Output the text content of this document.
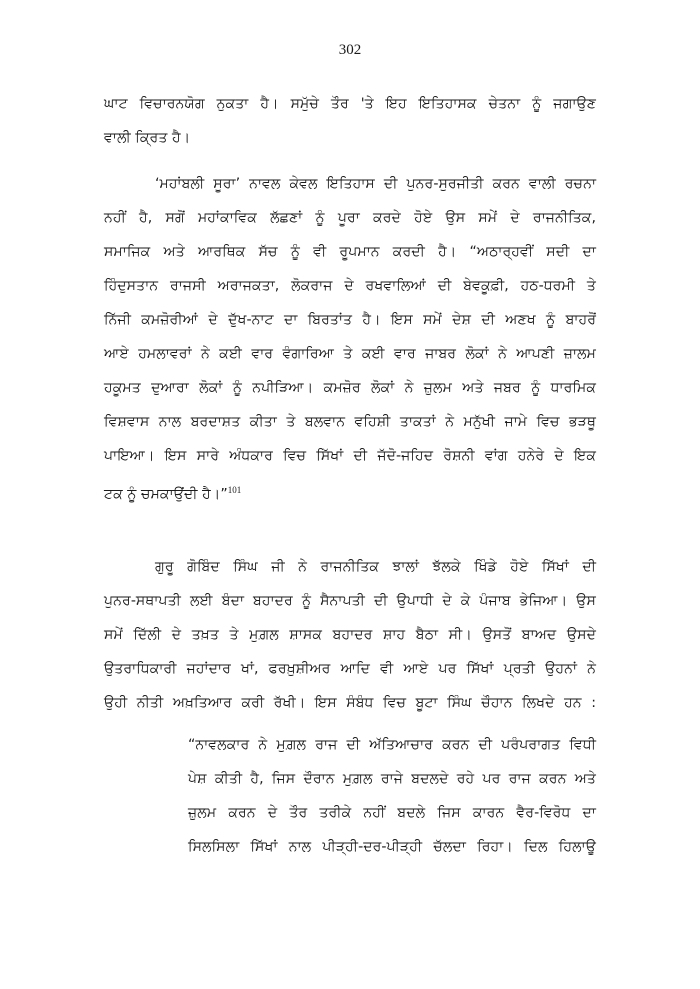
302
ਘਾਟ ਵਿਚਾਰਨਯੋਗ ਨੁਕਤਾ ਹੈ। ਸਮੁੱਚੇ ਤੌਰ 'ਤੇ ਇਹ ਇਤਿਹਾਸਕ ਚੇਤਨਾ ਨੂੰ ਜਗਾਉਣ
ਵਾਲੀ ਕ੍ਰਿਤ ਹੈ।
‘ਮਹਾਂਬਲੀ ਸੂਰਾ’ ਨਾਵਲ ਕੇਵਲ ਇਤਿਹਾਸ ਦੀ ਪੁਨਰ-ਸੁਰਜੀਤੀ ਕਰਨ ਵਾਲੀ ਰਚਨਾ
ਨਹੀਂ ਹੈ, ਸਗੋਂ ਮਹਾਂਕਾਵਿਕ ਲੱਛਣਾਂ ਨੂੰ ਪੂਰਾ ਕਰਦੇ ਹੋਏ ਉਸ ਸਮੇਂ ਦੇ ਰਾਜਨੀਤਿਕ,
ਸਮਾਜਿਕ ਅਤੇ ਆਰਥਿਕ ਸੱਚ ਨੂੰ ਵੀ ਰੂਪਮਾਨ ਕਰਦੀ ਹੈ। “ਅਠਾਰ੍ਹਵੀਂ ਸਦੀ ਦਾ
ਹਿੰਦੁਸਤਾਨ ਰਾਜਸੀ ਅਰਾਜਕਤਾ, ਲੋਕਰਾਜ ਦੇ ਰਖਵਾਲਿਆਂ ਦੀ ਬੇਵਕੂਫ਼ੀ, ਹਠ-ਧਰਮੀ ਤੇ
ਨਿੱਜੀ ਕਮਜ਼ੋਰੀਆਂ ਦੇ ਦੁੱਖ-ਨਾਟ ਦਾ ਬਿਰਤਾਂਤ ਹੈ। ਇਸ ਸਮੇਂ ਦੇਸ਼ ਦੀ ਅਣਖ ਨੂੰ ਬਾਹਰੋਂ
ਆਏ ਹਮਲਾਵਰਾਂ ਨੇ ਕਈ ਵਾਰ ਵੰਗਾਰਿਆ ਤੇ ਕਈ ਵਾਰ ਜਾਬਰ ਲੋਕਾਂ ਨੇ ਆਪਣੀ ਜ਼ਾਲਮ
ਹਕੂਮਤ ਦੁਆਰਾ ਲੋਕਾਂ ਨੂੰ ਨਪੀੜਿਆ। ਕਮਜ਼ੋਰ ਲੋਕਾਂ ਨੇ ਜ਼ੁਲਮ ਅਤੇ ਜਬਰ ਨੂੰ ਧਾਰਮਿਕ
ਵਿਸ਼ਵਾਸ ਨਾਲ ਬਰਦਾਸ਼ਤ ਕੀਤਾ ਤੇ ਬਲਵਾਨ ਵਹਿਸ਼ੀ ਤਾਕਤਾਂ ਨੇ ਮਨੁੱਖੀ ਜਾਮੇ ਵਿਚ ਭੜਥੂ
ਪਾਇਆ। ਇਸ ਸਾਰੇ ਅੰਧਕਾਰ ਵਿਚ ਸਿੱਖਾਂ ਦੀ ਜੱਦੋ-ਜਹਿਦ ਰੋਸ਼ਨੀ ਵਾਂਗ ਹਨੇਰੇ ਦੇ ਇਕ
ਟਕ ਨੂੰ ਚਮਕਾਉਂਦੀ ਹੈ।”$^{101}$
ਗੁਰੂ ਗੋਬਿੰਦ ਸਿੰਘ ਜੀ ਨੇ ਰਾਜਨੀਤਿਕ ਝਾਲਾਂ ਝੱਲਕੇ ਖਿੰਡੇ ਹੋਏ ਸਿੱਖਾਂ ਦੀ
ਪੁਨਰ-ਸਥਾਪਤੀ ਲਈ ਬੰਦਾ ਬਹਾਦਰ ਨੂੰ ਸੈਨਾਪਤੀ ਦੀ ਉਪਾਧੀ ਦੇ ਕੇ ਪੰਜਾਬ ਭੇਜਿਆ। ਉਸ
ਸਮੇਂ ਦਿੱਲੀ ਦੇ ਤਖ਼ਤ ਤੇ ਮੁਗ਼ਲ ਸ਼ਾਸਕ ਬਹਾਦਰ ਸ਼ਾਹ ਬੈਠਾ ਸੀ। ਉਸਤੋਂ ਬਾਅਦ ਉਸਦੇ
ਉਤਰਾਧਿਕਾਰੀ ਜਹਾਂਦਾਰ ਖਾਂ, ਫਰਖ਼ੁਸ਼ੀਅਰ ਆਦਿ ਵੀ ਆਏ ਪਰ ਸਿੱਖਾਂ ਪ੍ਰਤੀ ਉਹਨਾਂ ਨੇ
ਉਹੀ ਨੀਤੀ ਅਖ਼ਤਿਆਰ ਕਰੀ ਰੱਖੀ। ਇਸ ਸੰਬੰਧ ਵਿਚ ਬੂਟਾ ਸਿੰਘ ਚੌਹਾਨ ਲਿਖਦੇ ਹਨ :
“ਨਾਵਲਕਾਰ ਨੇ ਮੁਗ਼ਲ ਰਾਜ ਦੀ ਅੱਤਿਆਚਾਰ ਕਰਨ ਦੀ ਪਰੰਪਰਾਗਤ ਵਿਧੀ
ਪੇਸ਼ ਕੀਤੀ ਹੈ, ਜਿਸ ਦੌਰਾਨ ਮੁਗ਼ਲ ਰਾਜੇ ਬਦਲਦੇ ਰਹੇ ਪਰ ਰਾਜ ਕਰਨ ਅਤੇ
ਜ਼ੁਲਮ ਕਰਨ ਦੇ ਤੌਰ ਤਰੀਕੇ ਨਹੀਂ ਬਦਲੇ ਜਿਸ ਕਾਰਨ ਵੈਰ-ਵਿਰੋਧ ਦਾ
ਸਿਲਸਿਲਾ ਸਿੱਖਾਂ ਨਾਲ ਪੀੜ੍ਹੀ-ਦਰ-ਪੀੜ੍ਹੀ ਚੱਲਦਾ ਰਿਹਾ। ਦਿਲ ਹਿਲਾਊ
